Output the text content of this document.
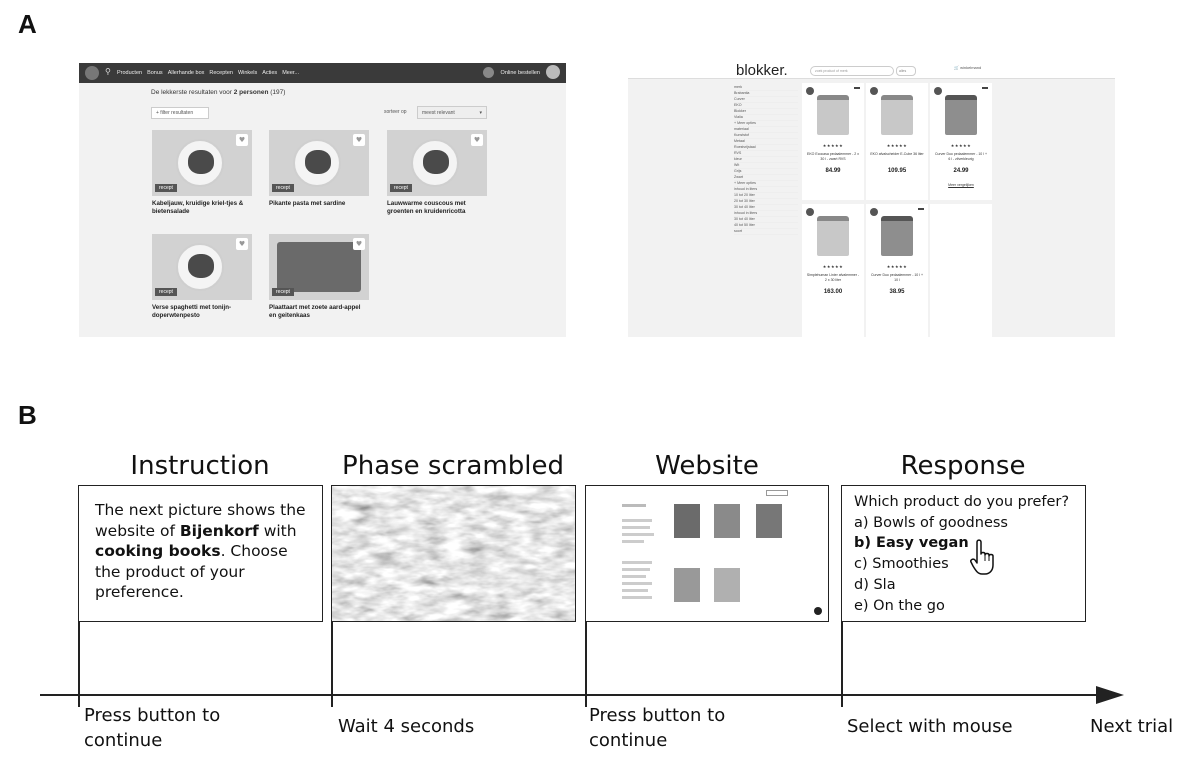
A
B
⚲ Producten Bonus Allerhande box Recepten Winkels Acties Meer...	Online bestellen
De lekkerste resultaten voor 2 personen (197)
+ filter resultaten	sorteer op	meest relevant	▾
♥
recept
Kabeljauw, kruidige kriel-tjes & bietensalade
♥
recept
Pikante pasta met sardine
♥
recept
Lauwwarme couscous met groenten en kruidenricotta
♥
recept
Verse spaghetti met tonijn-doperwtenpesto
♥
recept
Plaattaart met zoete aard-appel en geitenkaas
blokker.	zoek product of merk	alles
🛒 winkelmand
merk
Brabantia
Curver
EKO
Blokker
Vialia
+ Meer opties
materiaal
Kunststof
Metaal
Roestvrijstaal
RVS
kleur
Wit
Grijs
Zwart
+ Meer opties
inhoud in liters
10 tot 20 liter
20 tot 30 liter
30 tot 40 liter
inhoud in liters
30 tot 40 liter
40 tot 50 liter
soort
★★★★★
EKO Ecocasa pedaalemmer - 2 x 30 l - zwart RVS
84.99
★★★★★
EKO afvalscheider E-Cube 36 liter
109.95
★★★★★
Curver Duo pedaalemmer - 10 l + 6 l - zilverkleurig
24.99
Meer vergelijken
★★★★★
Simplehuman Linier afvalemmer - 2 x 30 liter
163.00
★★★★★
Curver Duo pedaalemmer - 10 l + 10 l
38.95
Instruction	Phase scrambled	Website	Response
The next picture shows the website of Bijenkorf with cooking books. Choose the product of your preference.
Which product do you prefer?
a) Bowls of goodness
b) Easy vegan
c) Smoothies
d) Sla
e) On the go
Press button to continue
Wait 4 seconds
Press button to continue
Select with mouse	Next trial
